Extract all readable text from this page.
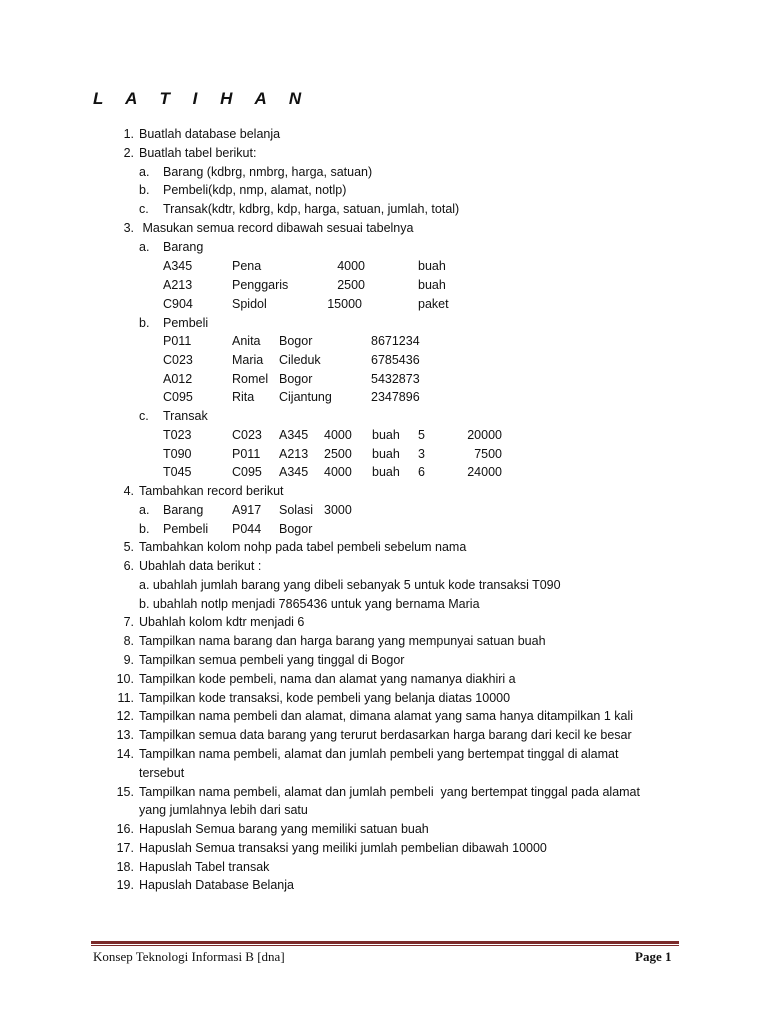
L A T I H A N
1. Buatlah database belanja
2. Buatlah tabel berikut:
a. Barang (kdbrg, nmbrg, harga, satuan)
b. Pembeli(kdp, nmp, alamat, notlp)
c. Transak(kdtr, kdbrg, kdp, harga, satuan, jumlah, total)
3. Masukan semua record dibawah sesuai tabelnya
a. Barang
A345	Pena	4000	buah
A213	Penggaris	2500	buah
C904	Spidol	15000	paket
b. Pembeli
P011	Anita Bogor	8671234
C023	Maria Cileduk	6785436
A012	Romel Bogor	5432873
C095	Rita Cijantung	2347896
c. Transak
T023	C023 A345 4000 buah 5	20000
T090	P011 A213 2500 buah 3	7500
T045	C095 A345 4000 buah 6	24000
4. Tambahkan record berikut
a. Barang A917 Solasi 3000
b. Pembeli P044 Bogor
5. Tambahkan kolom nohp pada tabel pembeli sebelum nama
6. Ubahlah data berikut :
a. ubahlah jumlah barang yang dibeli sebanyak 5 untuk kode transaksi T090
b. ubahlah notlp menjadi 7865436 untuk yang bernama Maria
7. Ubahlah kolom kdtr menjadi 6
8. Tampilkan nama barang dan harga barang yang mempunyai satuan buah
9. Tampilkan semua pembeli yang tinggal di Bogor
10. Tampilkan kode pembeli, nama dan alamat yang namanya diakhiri a
11. Tampilkan kode transaksi, kode pembeli yang belanja diatas 10000
12. Tampilkan nama pembeli dan alamat, dimana alamat yang sama hanya ditampilkan 1 kali
13. Tampilkan semua data barang yang terurut berdasarkan harga barang dari kecil ke besar
14. Tampilkan nama pembeli, alamat dan jumlah pembeli yang bertempat tinggal di alamat
tersebut
15. Tampilkan nama pembeli, alamat dan jumlah pembeli  yang bertempat tinggal pada alamat
yang jumlahnya lebih dari satu
16. Hapuslah Semua barang yang memiliki satuan buah
17. Hapuslah Semua transaksi yang meiliki jumlah pembelian dibawah 10000
18. Hapuslah Tabel transak
19. Hapuslah Database Belanja
Konsep Teknologi Informasi B [dna]	Page 1
